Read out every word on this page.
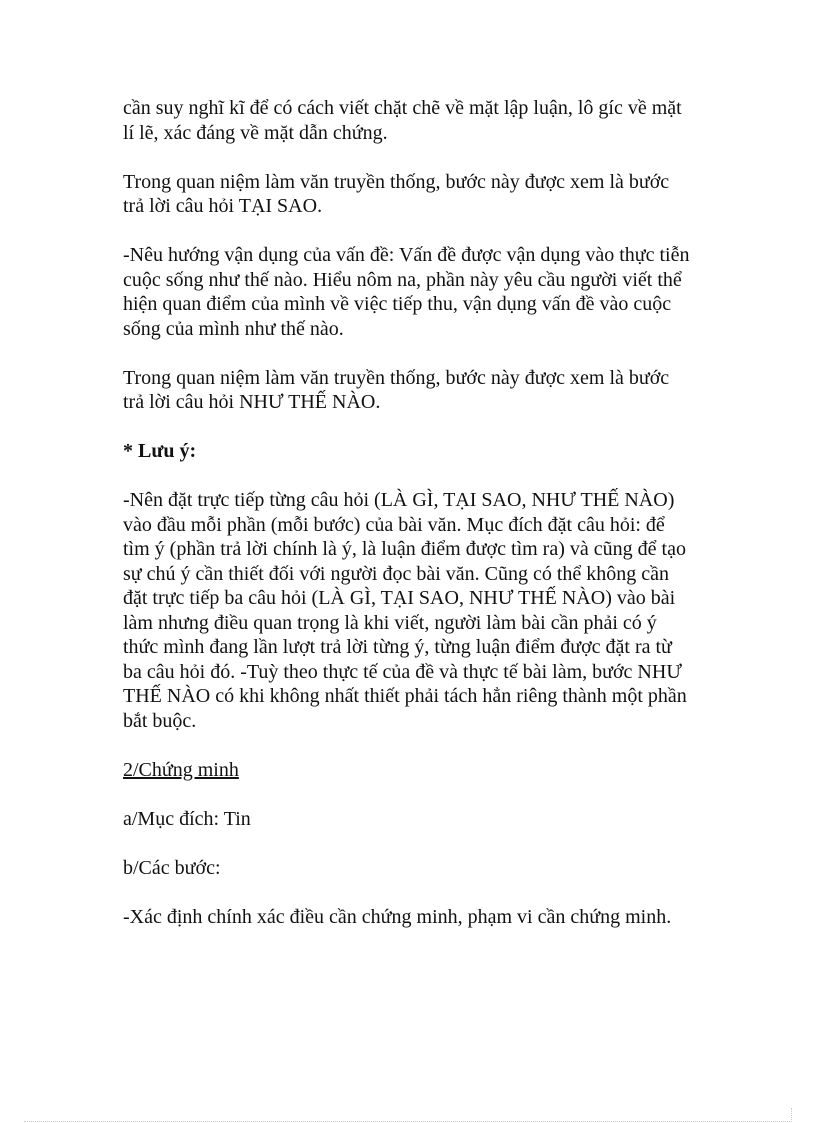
cần suy nghĩ kĩ để có cách viết chặt chẽ về mặt lập luận, lô gíc về mặt lí lẽ, xác đáng về mặt dẫn chứng.

Trong quan niệm làm văn truyền thống, bước này được xem là bước trả lời câu hỏi TẠI SAO.

-Nêu hướng vận dụng của vấn đề: Vấn đề được vận dụng vào thực tiễn cuộc sống như thế nào. Hiểu nôm na, phần này yêu cầu người viết thể hiện quan điểm của mình về việc tiếp thu, vận dụng vấn đề vào cuộc sống của mình như thế nào.

Trong quan niệm làm văn truyền thống, bước này được xem là bước trả lời câu hỏi NHƯ THẾ NÀO.

* Lưu ý:

-Nên đặt trực tiếp từng câu hỏi (LÀ GÌ, TẠI SAO, NHƯ THẾ NÀO) vào đầu mỗi phần (mỗi bước) của bài văn. Mục đích đặt câu hỏi: để tìm ý (phần trả lời chính là ý, là luận điểm được tìm ra) và cũng để tạo sự chú ý cần thiết đối với người đọc bài văn. Cũng có thể không cần đặt trực tiếp ba câu hỏi (LÀ GÌ, TẠI SAO, NHƯ THẾ NÀO) vào bài làm nhưng điều quan trọng là khi viết, người làm bài cần phải có ý thức mình đang lần lượt trả lời từng ý, từng luận điểm được đặt ra từ ba câu hỏi đó. -Tuỳ theo thực tế của đề và thực tế bài làm, bước NHƯ THẾ NÀO có khi không nhất thiết phải tách hẳn riêng thành một phần bắt buộc.

2/Chứng minh

a/Mục đích: Tin

b/Các bước:

-Xác định chính xác điều cần chứng minh, phạm vi cần chứng minh.
